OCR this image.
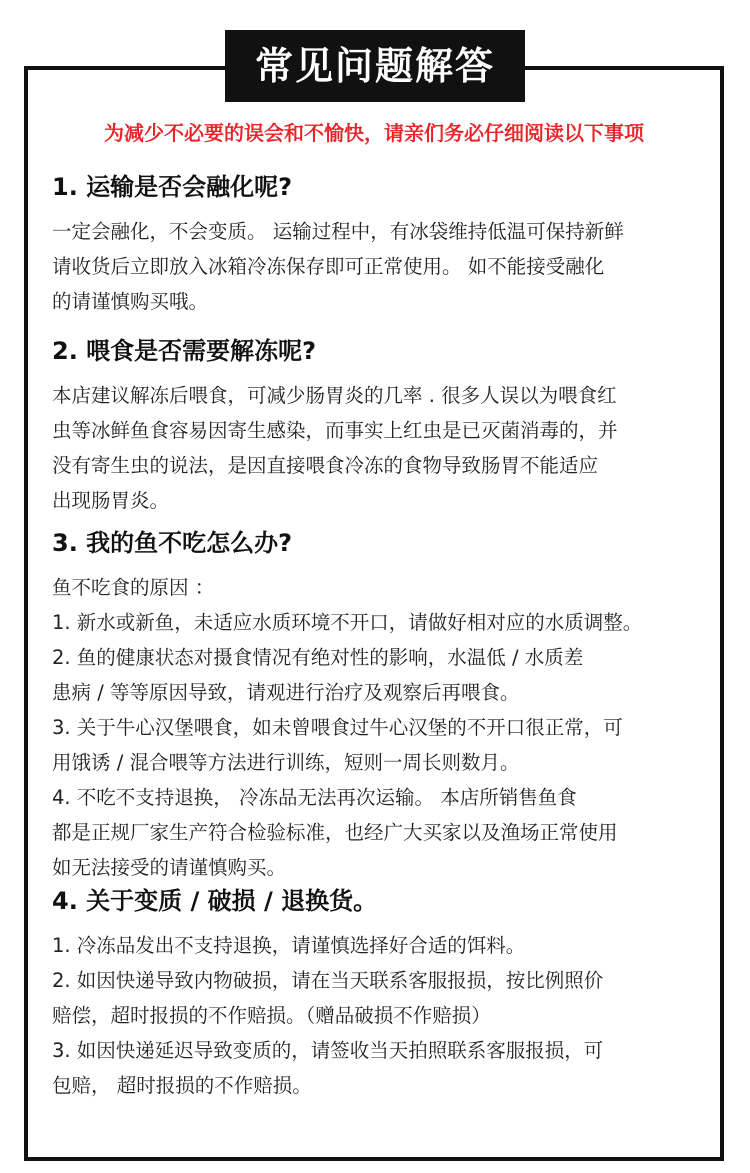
常见问题解答
为减少不必要的误会和不愉快，请亲们务必仔细阅读以下事项
1. 运输是否会融化呢?
一定会融化，不会变质。 运输过程中，有冰袋维持低温可保持新鲜
请收货后立即放入冰箱冷冻保存即可正常使用。 如不能接受融化
的请谨慎购买哦。
2. 喂食是否需要解冻呢?
本店建议解冻后喂食，可减少肠胃炎的几率 . 很多人误以为喂食红
虫等冰鲜鱼食容易因寄生感染，而事实上红虫是已灭菌消毒的，并
没有寄生虫的说法，是因直接喂食冷冻的食物导致肠胃不能适应
出现肠胃炎。
3. 我的鱼不吃怎么办?
鱼不吃食的原因 ：
1. 新水或新鱼，未适应水质环境不开口，请做好相对应的水质调整。
2. 鱼的健康状态对摄食情况有绝对性的影响，水温低 / 水质差
患病 / 等等原因导致，请观进行治疗及观察后再喂食。
3. 关于牛心汉堡喂食，如未曾喂食过牛心汉堡的不开口很正常，可
用饿诱 / 混合喂等方法进行训练，短则一周长则数月。
4. 不吃不支持退换， 冷冻品无法再次运输。 本店所销售鱼食
都是正规厂家生产符合检验标准，也经广大买家以及渔场正常使用
如无法接受的请谨慎购买。
4. 关于变质 / 破损 / 退换货。
1. 冷冻品发出不支持退换，请谨慎选择好合适的饵料。
2. 如因快递导致内物破损，请在当天联系客服报损，按比例照价
赔偿，超时报损的不作赔损。（赠品破损不作赔损）
3. 如因快递延迟导致变质的，请签收当天拍照联系客服报损，可
包赔， 超时报损的不作赔损。
